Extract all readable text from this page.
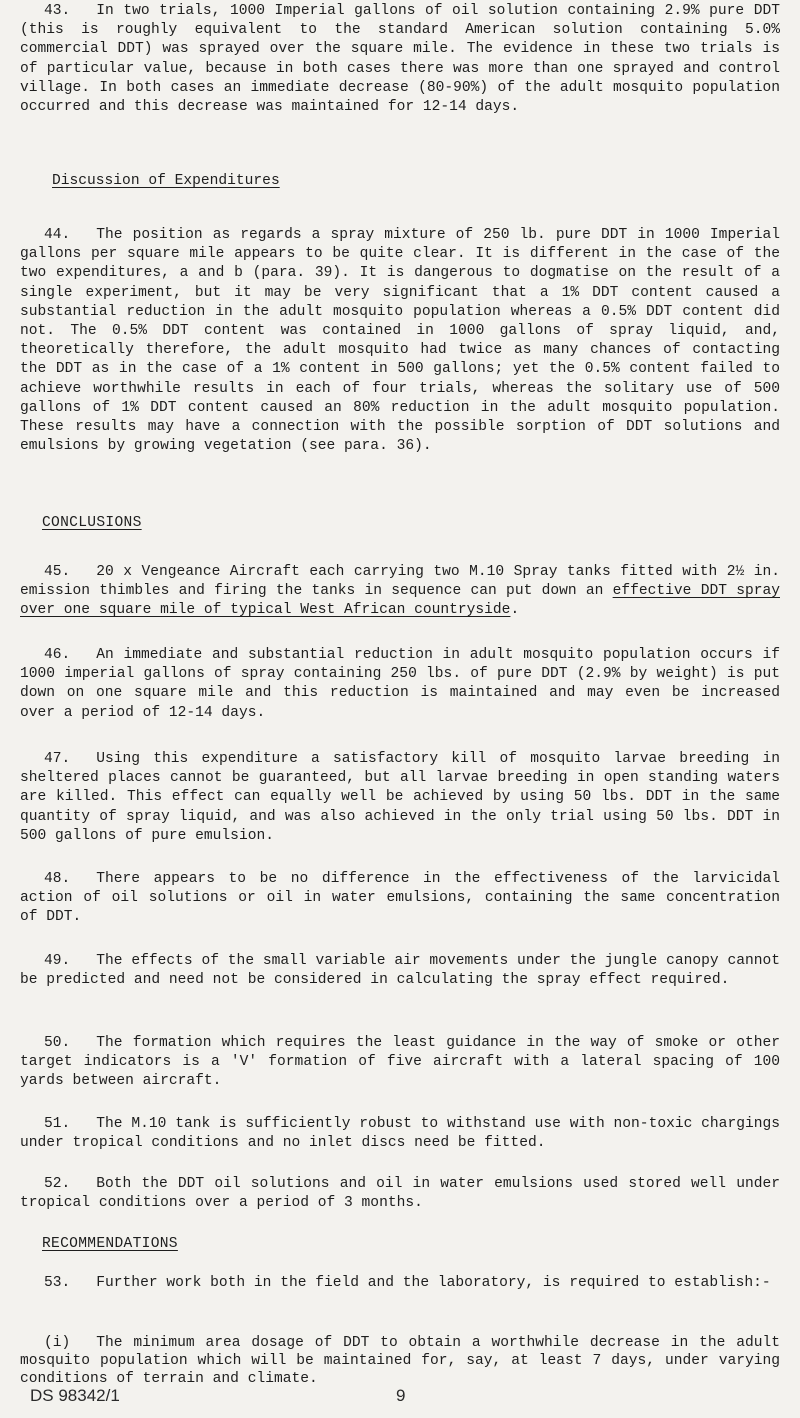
43. In two trials, 1000 Imperial gallons of oil solution containing 2.9% pure DDT (this is roughly equivalent to the standard American solution containing 5.0% commercial DDT) was sprayed over the square mile. The evidence in these two trials is of particular value, because in both cases there was more than one sprayed and control village. In both cases an immediate decrease (80-90%) of the adult mosquito population occurred and this decrease was maintained for 12-14 days.

Discussion of Expenditures

44. The position as regards a spray mixture of 250 lb. pure DDT in 1000 Imperial gallons per square mile appears to be quite clear. It is different in the case of the two expenditures, a and b (para. 39). It is dangerous to dogmatise on the result of a single experiment, but it may be very significant that a 1% DDT content caused a substantial reduction in the adult mosquito population whereas a 0.5% DDT content did not. The 0.5% DDT content was contained in 1000 gallons of spray liquid, and, theoretically therefore, the adult mosquito had twice as many chances of contacting the DDT as in the case of a 1% content in 500 gallons; yet the 0.5% content failed to achieve worthwhile results in each of four trials, whereas the solitary use of 500 gallons of 1% DDT content caused an 80% reduction in the adult mosquito population. These results may have a connection with the possible sorption of DDT solutions and emulsions by growing vegetation (see para. 36).

CONCLUSIONS

45. 20 x Vengeance Aircraft each carrying two M.10 Spray tanks fitted with 2½ in. emission thimbles and firing the tanks in sequence can put down an effective DDT spray over one square mile of typical West African countryside.

46. An immediate and substantial reduction in adult mosquito population occurs if 1000 imperial gallons of spray containing 250 lbs. of pure DDT (2.9% by weight) is put down on one square mile and this reduction is maintained and may even be increased over a period of 12-14 days.

47. Using this expenditure a satisfactory kill of mosquito larvae breeding in sheltered places cannot be guaranteed, but all larvae breeding in open standing waters are killed. This effect can equally well be achieved by using 50 lbs. DDT in the same quantity of spray liquid, and was also achieved in the only trial using 50 lbs. DDT in 500 gallons of pure emulsion.

48. There appears to be no difference in the effectiveness of the larvicidal action of oil solutions or oil in water emulsions, containing the same concentration of DDT.

49. The effects of the small variable air movements under the jungle canopy cannot be predicted and need not be considered in calculating the spray effect required.

50. The formation which requires the least guidance in the way of smoke or other target indicators is a 'V' formation of five aircraft with a lateral spacing of 100 yards between aircraft.

51. The M.10 tank is sufficiently robust to withstand use with non-toxic chargings under tropical conditions and no inlet discs need be fitted.

52. Both the DDT oil solutions and oil in water emulsions used stored well under tropical conditions over a period of 3 months.

RECOMMENDATIONS

53. Further work both in the field and the laboratory, is required to establish:-

(i) The minimum area dosage of DDT to obtain a worthwhile decrease in the adult mosquito population which will be maintained for, say, at least 7 days, under varying conditions of terrain and climate.

DS 98342/1	9
